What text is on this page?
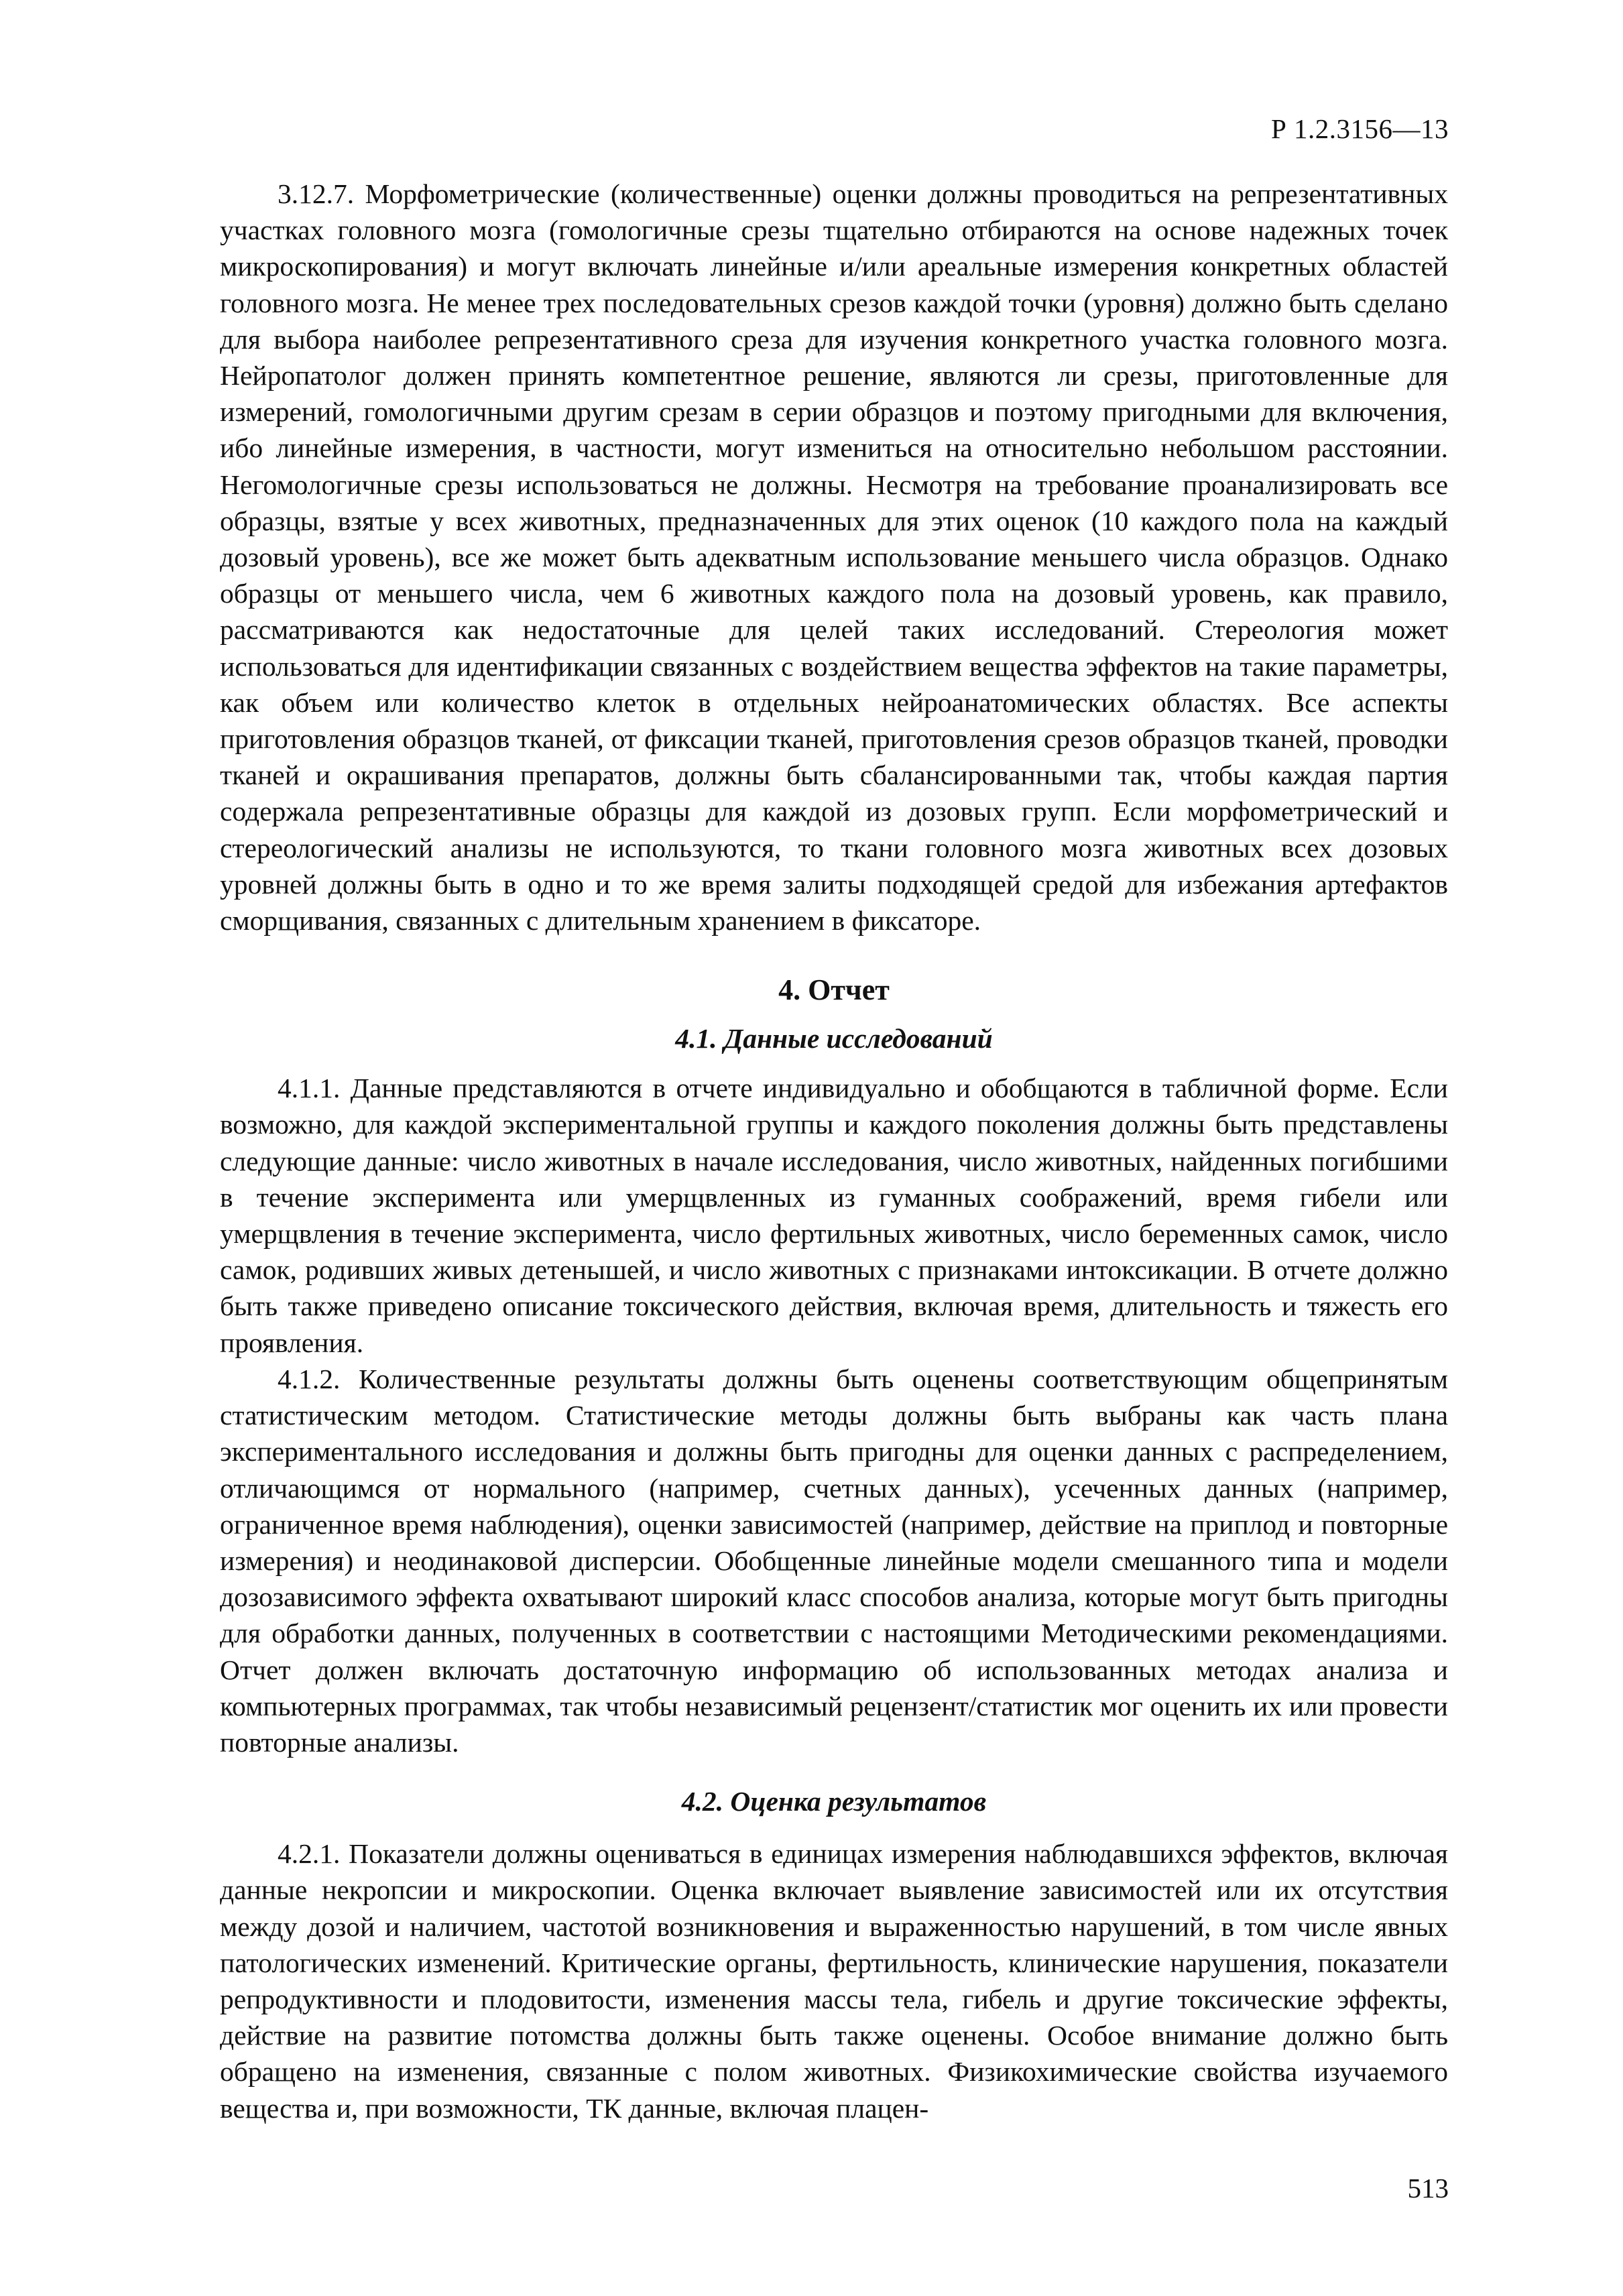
Р 1.2.3156—13

3.12.7. Морфометрические (количественные) оценки должны проводиться на репрезентативных участках головного мозга (гомологичные срезы тщательно отбираются на основе надежных точек микроскопирования) и могут включать линейные и/или ареальные измерения конкретных областей головного мозга. Не менее трех последовательных срезов каждой точки (уровня) должно быть сделано для выбора наиболее репрезентативного среза для изучения конкретного участка головного мозга. Нейропатолог должен принять компетентное решение, являются ли срезы, приготовленные для измерений, гомологичными другим срезам в серии образцов и поэтому пригодными для включения, ибо линейные измерения, в частности, могут измениться на относительно небольшом расстоянии. Негомологичные срезы использоваться не должны. Несмотря на требование проанализировать все образцы, взятые у всех животных, предназначенных для этих оценок (10 каждого пола на каждый дозовый уровень), все же может быть адекватным использование меньшего числа образцов. Однако образцы от меньшего числа, чем 6 животных каждого пола на дозовый уровень, как правило, рассматриваются как недостаточные для целей таких исследований. Стереология может использоваться для идентификации связанных с воздействием вещества эффектов на такие параметры, как объем или количество клеток в отдельных нейроанатомических областях. Все аспекты приготовления образцов тканей, от фиксации тканей, приготовления срезов образцов тканей, проводки тканей и окрашивания препаратов, должны быть сбалансированными так, чтобы каждая партия содержала репрезентативные образцы для каждой из дозовых групп. Если морфометрический и стереологический анализы не используются, то ткани головного мозга животных всех дозовых уровней должны быть в одно и то же время залиты подходящей средой для избежания артефактов сморщивания, связанных с длительным хранением в фиксаторе.

4. Отчет
4.1. Данные исследований

4.1.1. Данные представляются в отчете индивидуально и обобщаются в табличной форме. Если возможно, для каждой экспериментальной группы и каждого поколения должны быть представлены следующие данные: число животных в начале исследования, число животных, найденных погибшими в течение эксперимента или умерщвленных из гуманных соображений, время гибели или умерщвления в течение эксперимента, число фертильных животных, число беременных самок, число самок, родивших живых детенышей, и число животных с признаками интоксикации. В отчете должно быть также приведено описание токсического действия, включая время, длительность и тяжесть его проявления.

4.1.2. Количественные результаты должны быть оценены соответствующим общепринятым статистическим методом. Статистические методы должны быть выбраны как часть плана экспериментального исследования и должны быть пригодны для оценки данных с распределением, отличающимся от нормального (например, счетных данных), усеченных данных (например, ограниченное время наблюдения), оценки зависимостей (например, действие на приплод и повторные измерения) и неодинаковой дисперсии. Обобщенные линейные модели смешанного типа и модели дозозависимого эффекта охватывают широкий класс способов анализа, которые могут быть пригодны для обработки данных, полученных в соответствии с настоящими Методическими рекомендациями. Отчет должен включать достаточную информацию об использованных методах анализа и компьютерных программах, так чтобы независимый рецензент/статистик мог оценить их или провести повторные анализы.

4.2. Оценка результатов

4.2.1. Показатели должны оцениваться в единицах измерения наблюдавшихся эффектов, включая данные некропсии и микроскопии. Оценка включает выявление зависимостей или их отсутствия между дозой и наличием, частотой возникновения и выраженностью нарушений, в том числе явных патологических изменений. Критические органы, фертильность, клинические нарушения, показатели репродуктивности и плодовитости, изменения массы тела, гибель и другие токсические эффекты, действие на развитие потомства должны быть также оценены. Особое внимание должно быть обращено на изменения, связанные с полом животных. Физикохимические свойства изучаемого вещества и, при возможности, ТК данные, включая плацен-

513
